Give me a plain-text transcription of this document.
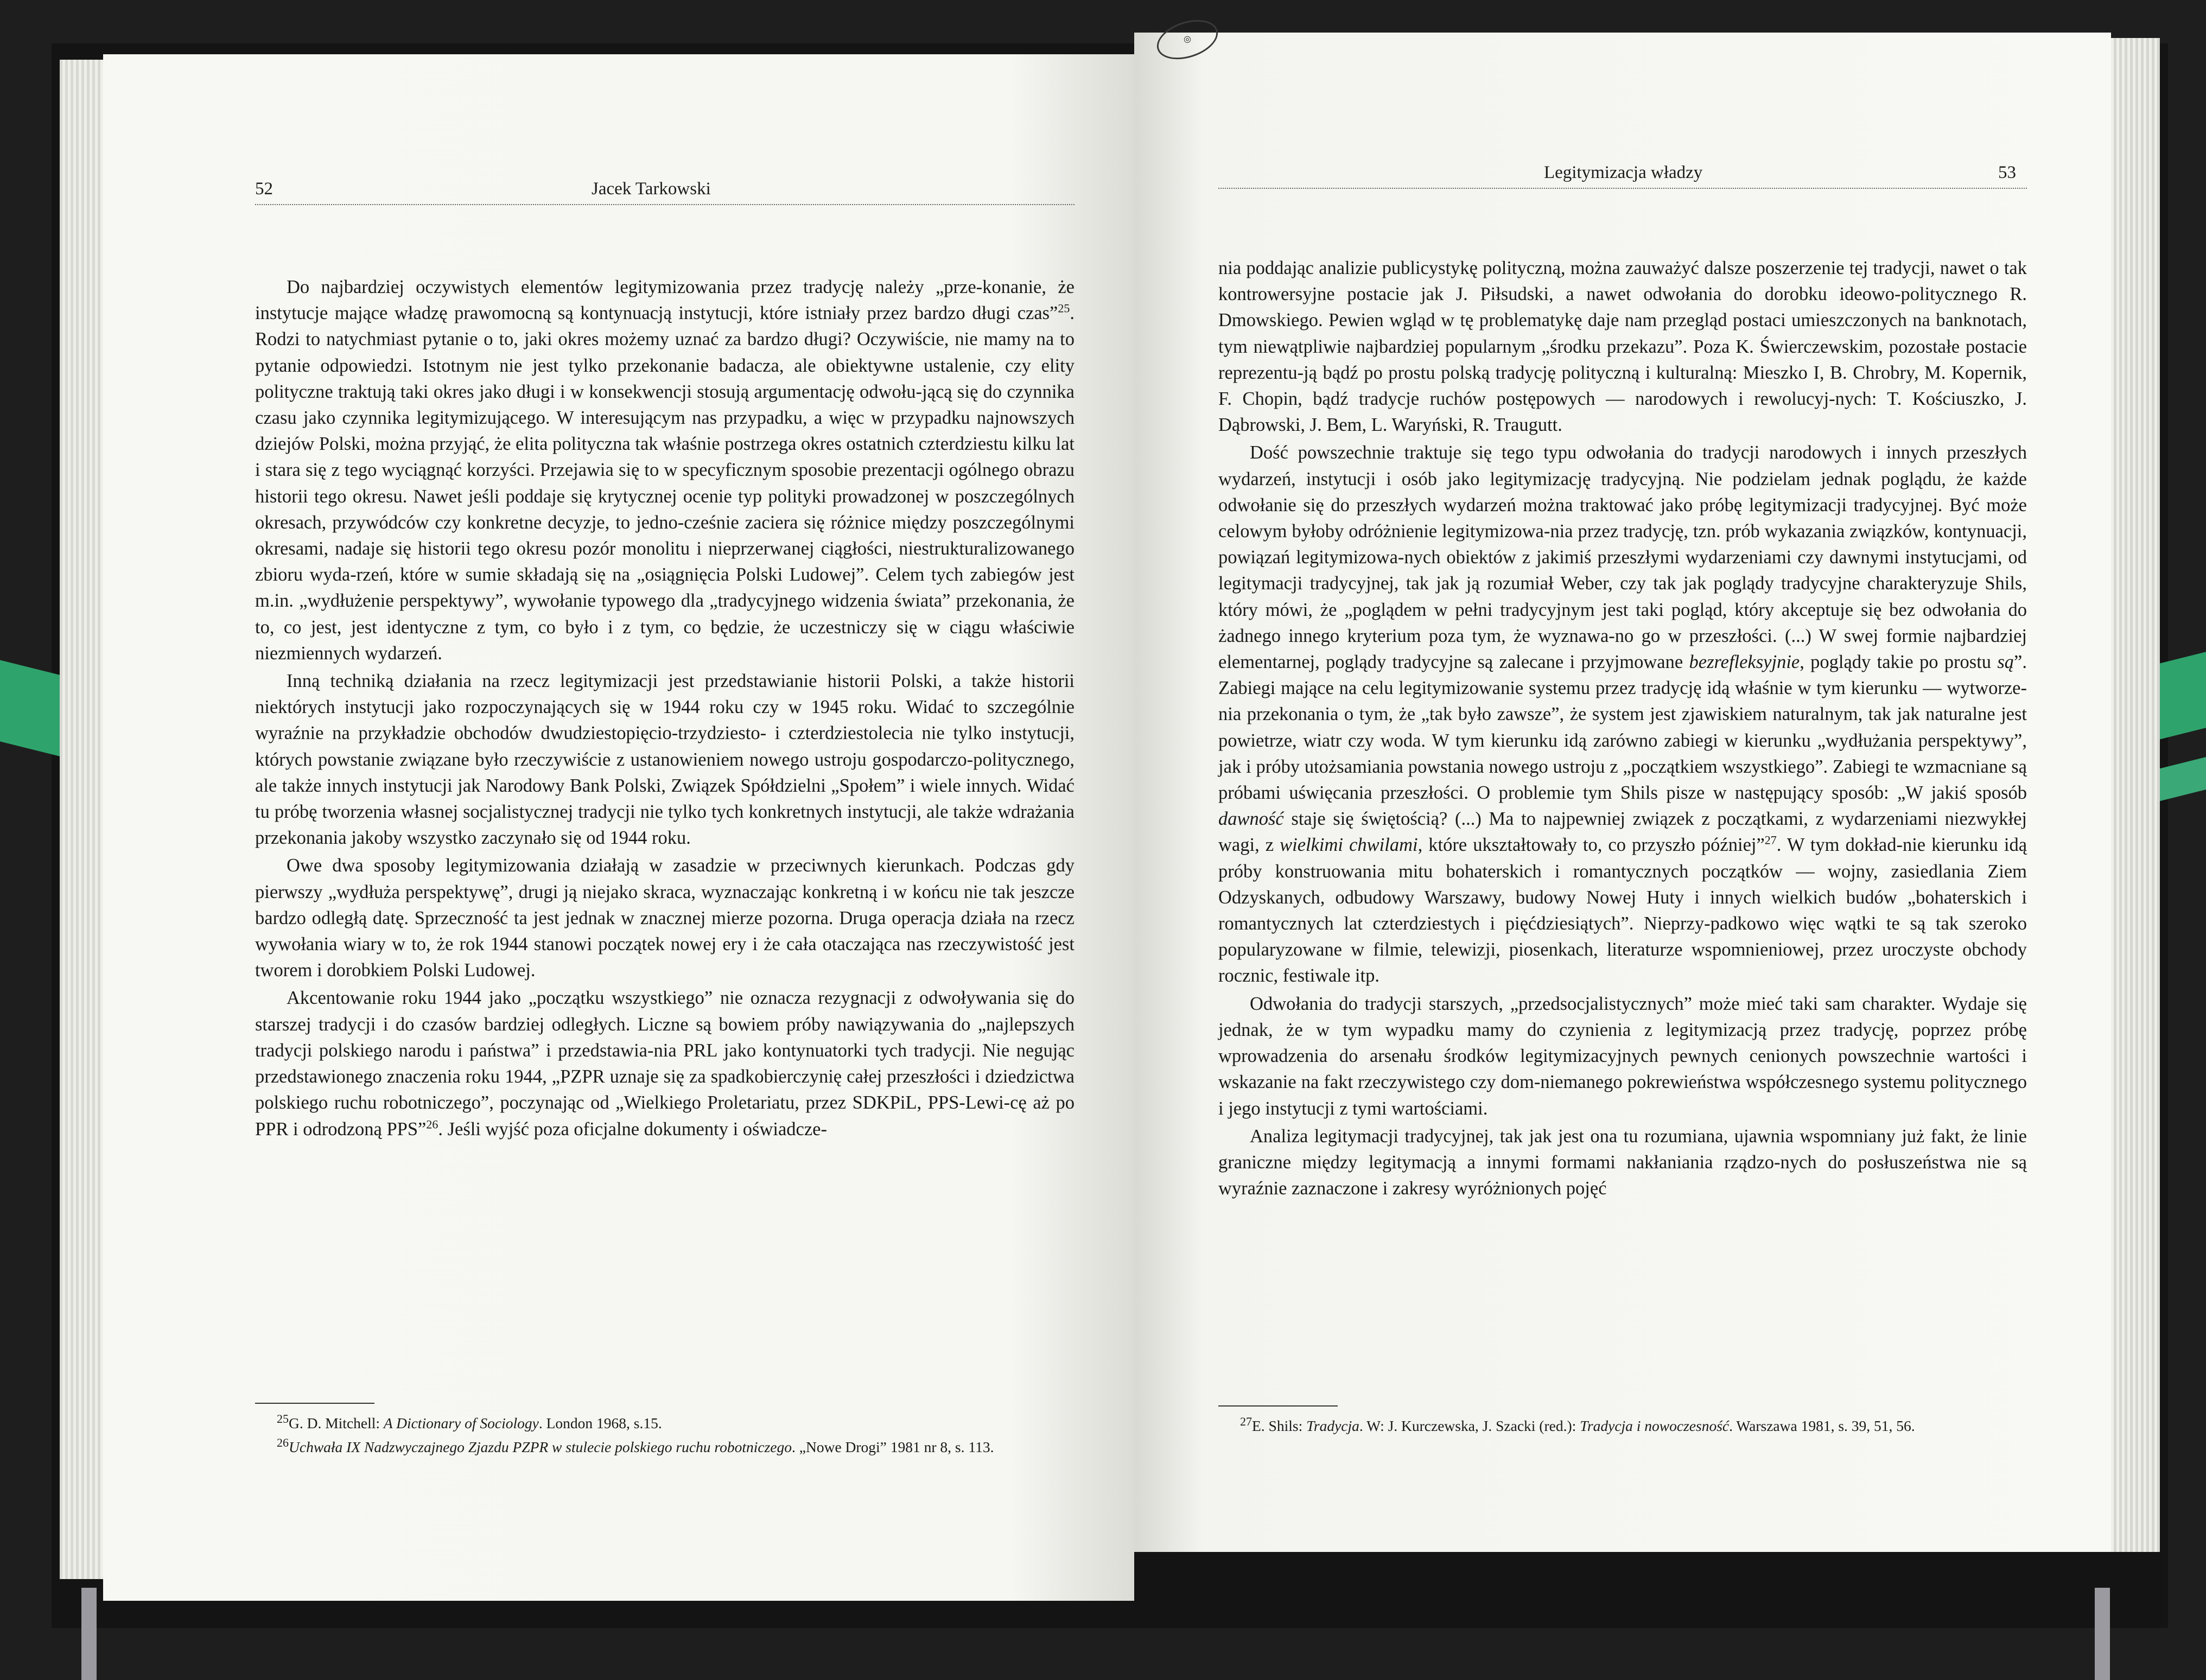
◎
52	Jacek Tarkowski

Do najbardziej oczywistych elementów legitymizowania przez tradycję należy „prze-konanie, że instytucje mające władzę prawomocną są kontynuacją instytucji, które istniały przez bardzo długi czas”$^{25}$. Rodzi to natychmiast pytanie o to, jaki okres możemy uznać za bardzo długi? Oczywiście, nie mamy na to pytanie odpowiedzi. Istotnym nie jest tylko przekonanie badacza, ale obiektywne ustalenie, czy elity polityczne traktują taki okres jako długi i w konsekwencji stosują argumentację odwołu-jącą się do czynnika czasu jako czynnika legitymizującego. W interesującym nas przypadku, a więc w przypadku najnowszych dziejów Polski, można przyjąć, że elita polityczna tak właśnie postrzega okres ostatnich czterdziestu kilku lat i stara się z tego wyciągnąć korzyści. Przejawia się to w specyficznym sposobie prezentacji ogólnego obrazu historii tego okresu. Nawet jeśli poddaje się krytycznej ocenie typ polityki prowadzonej w poszczególnych okresach, przywódców czy konkretne decyzje, to jedno-cześnie zaciera się różnice między poszczególnymi okresami, nadaje się historii tego okresu pozór monolitu i nieprzerwanej ciągłości, niestrukturalizowanego zbioru wyda-rzeń, które w sumie składają się na „osiągnięcia Polski Ludowej”. Celem tych zabiegów jest m.in. „wydłużenie perspektywy”, wywołanie typowego dla „tradycyjnego widzenia świata” przekonania, że to, co jest, jest identyczne z tym, co było i z tym, co będzie, że uczestniczy się w ciągu właściwie niezmiennych wydarzeń.

Inną techniką działania na rzecz legitymizacji jest przedstawianie historii Polski, a także historii niektórych instytucji jako rozpoczynających się w 1944 roku czy w 1945 roku. Widać to szczególnie wyraźnie na przykładzie obchodów dwudziestopięcio-trzydziesto- i czterdziestolecia nie tylko instytucji, których powstanie związane było rzeczywiście z ustanowieniem nowego ustroju gospodarczo-politycznego, ale także innych instytucji jak Narodowy Bank Polski, Związek Spółdzielni „Społem” i wiele innych. Widać tu próbę tworzenia własnej socjalistycznej tradycji nie tylko tych konkretnych instytucji, ale także wdrażania przekonania jakoby wszystko zaczynało się od 1944 roku.

Owe dwa sposoby legitymizowania działają w zasadzie w przeciwnych kierunkach. Podczas gdy pierwszy „wydłuża perspektywę”, drugi ją niejako skraca, wyznaczając konkretną i w końcu nie tak jeszcze bardzo odległą datę. Sprzeczność ta jest jednak w znacznej mierze pozorna. Druga operacja działa na rzecz wywołania wiary w to, że rok 1944 stanowi początek nowej ery i że cała otaczająca nas rzeczywistość jest tworem i dorobkiem Polski Ludowej.

Akcentowanie roku 1944 jako „początku wszystkiego” nie oznacza rezygnacji z odwoływania się do starszej tradycji i do czasów bardziej odległych. Liczne są bowiem próby nawiązywania do „najlepszych tradycji polskiego narodu i państwa” i przedstawia-nia PRL jako kontynuatorki tych tradycji. Nie negując przedstawionego znaczenia roku 1944, „PZPR uznaje się za spadkobierczynię całej przeszłości i dziedzictwa polskiego ruchu robotniczego”, poczynając od „Wielkiego Proletariatu, przez SDKPiL, PPS-Lewi-cę aż po PPR i odrodzoną PPS”$^{26}$. Jeśli wyjść poza oficjalne dokumenty i oświadcze-

$^{25}$G. D. Mitchell: A Dictionary of Sociology. London 1968, s.15.

$^{26}$Uchwała IX Nadzwyczajnego Zjazdu PZPR w stulecie polskiego ruchu robotniczego. „Nowe Drogi” 1981 nr 8, s. 113.

Legitymizacja władzy	53

nia poddając analizie publicystykę polityczną, można zauważyć dalsze poszerzenie tej tradycji, nawet o tak kontrowersyjne postacie jak J. Piłsudski, a nawet odwołania do dorobku ideowo-politycznego R. Dmowskiego. Pewien wgląd w tę problematykę daje nam przegląd postaci umieszczonych na banknotach, tym niewątpliwie najbardziej popularnym „środku przekazu”. Poza K. Świerczewskim, pozostałe postacie reprezentu-ją bądź po prostu polską tradycję polityczną i kulturalną: Mieszko I, B. Chrobry, M. Kopernik, F. Chopin, bądź tradycje ruchów postępowych — narodowych i rewolucyj-nych: T. Kościuszko, J. Dąbrowski, J. Bem, L. Waryński, R. Traugutt.

Dość powszechnie traktuje się tego typu odwołania do tradycji narodowych i innych przeszłych wydarzeń, instytucji i osób jako legitymizację tradycyjną. Nie podzielam jednak poglądu, że każde odwołanie się do przeszłych wydarzeń można traktować jako próbę legitymizacji tradycyjnej. Być może celowym byłoby odróżnienie legitymizowa-nia przez tradycję, tzn. prób wykazania związków, kontynuacji, powiązań legitymizowa-nych obiektów z jakimiś przeszłymi wydarzeniami czy dawnymi instytucjami, od legitymacji tradycyjnej, tak jak ją rozumiał Weber, czy tak jak poglądy tradycyjne charakteryzuje Shils, który mówi, że „poglądem w pełni tradycyjnym jest taki pogląd, który akceptuje się bez odwołania do żadnego innego kryterium poza tym, że wyznawa-no go w przeszłości. (...) W swej formie najbardziej elementarnej, poglądy tradycyjne są zalecane i przyjmowane bezrefleksyjnie, poglądy takie po prostu są”. Zabiegi mające na celu legitymizowanie systemu przez tradycję idą właśnie w tym kierunku — wytworze-nia przekonania o tym, że „tak było zawsze”, że system jest zjawiskiem naturalnym, tak jak naturalne jest powietrze, wiatr czy woda. W tym kierunku idą zarówno zabiegi w kierunku „wydłużania perspektywy”, jak i próby utożsamiania powstania nowego ustroju z „początkiem wszystkiego”. Zabiegi te wzmacniane są próbami uświęcania przeszłości. O problemie tym Shils pisze w następujący sposób: „W jakiś sposób dawność staje się świętością? (...) Ma to najpewniej związek z początkami, z wydarzeniami niezwykłej wagi, z wielkimi chwilami, które ukształtowały to, co przyszło później”$^{27}$. W tym dokład-nie kierunku idą próby konstruowania mitu bohaterskich i romantycznych początków — wojny, zasiedlania Ziem Odzyskanych, odbudowy Warszawy, budowy Nowej Huty i innych wielkich budów „bohaterskich i romantycznych lat czterdziestych i pięćdziesiątych”. Nieprzy-padkowo więc wątki te są tak szeroko popularyzowane w filmie, telewizji, piosenkach, literaturze wspomnieniowej, przez uroczyste obchody rocznic, festiwale itp.

Odwołania do tradycji starszych, „przedsocjalistycznych” może mieć taki sam charakter. Wydaje się jednak, że w tym wypadku mamy do czynienia z legitymizacją przez tradycję, poprzez próbę wprowadzenia do arsenału środków legitymizacyjnych pewnych cenionych powszechnie wartości i wskazanie na fakt rzeczywistego czy dom-niemanego pokrewieństwa współczesnego systemu politycznego i jego instytucji z tymi wartościami.

Analiza legitymacji tradycyjnej, tak jak jest ona tu rozumiana, ujawnia wspomniany już fakt, że linie graniczne między legitymacją a innymi formami nakłaniania rządzo-nych do posłuszeństwa nie są wyraźnie zaznaczone i zakresy wyróżnionych pojęć

$^{27}$E. Shils: Tradycja. W: J. Kurczewska, J. Szacki (red.): Tradycja i nowoczesność. Warszawa 1981, s. 39, 51, 56.
